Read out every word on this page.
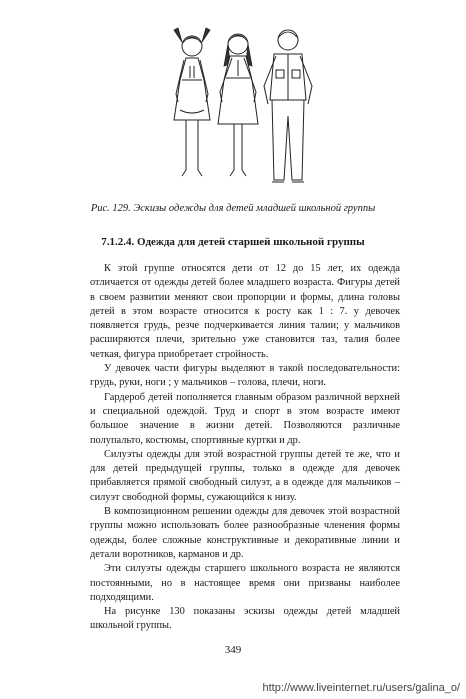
Рис. 129. Эскизы одежды для детей младшей школьной группы
7.1.2.4. Одежда для детей старшей школьной группы

К этой группе относятся дети от 12 до 15 лет, их одежда отличается от одежды детей более младшего возраста. Фигуры детей в своем развитии меняют свои пропорции и формы, длина головы детей в этом возрасте относится к росту как 1 : 7. у девочек появляется грудь, резче подчеркивается линия талии; у мальчиков расширяются плечи, зрительно уже становится таз, талия более четкая, фигура приобретает стройность.

У девочек части фигуры выделяют в такой последовательности: грудь, руки, ноги ; у мальчиков – голова, плечи, ноги.

Гардероб детей пополняется главным образом различной верхней и специальной одеждой. Труд и спорт в этом возрасте имеют большое значение в жизни детей. Позволяются различные полупальто, костюмы, спортивные куртки и др.

Силуэты одежды для этой возрастной группы детей те же, что и для детей предыдущей группы, только в одежде для девочек прибавляется прямой свободный силуэт, а в одежде для мальчиков – силуэт свободной формы, сужающийся к низу.

В композиционном решении одежды для девочек этой возрастной группы можно использовать более разнообразные членения формы одежды, более сложные конструктивные и декоративные линии и детали воротников, карманов и др.

Эти силуэты одежды старшего школьного возраста не являются постоянными, но в настоящее время они призваны наиболее подходящими.

На рисунке 130 показаны эскизы одежды детей младшей школьной группы.

349
http://www.liveinternet.ru/users/galina_o/
